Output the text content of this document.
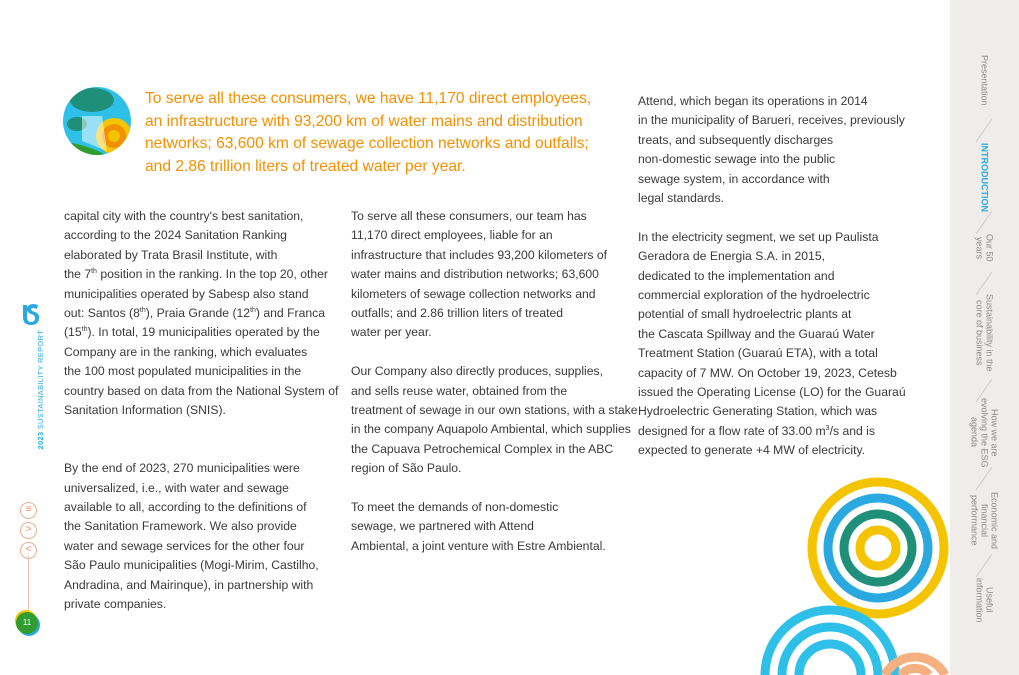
2023 SUSTAINABILITY REPORT
≡
>
<
11
To serve all these consumers, we have 11,170 direct employees,
an infrastructure with 93,200 km of water mains and distribution
networks; 63,600 km of sewage collection networks and outfalls;
and 2.86 trillion liters of treated water per year.
capital city with the country's best sanitation,
according to the 2024 Sanitation Ranking
elaborated by Trata Brasil Institute, with
the 7th position in the ranking. In the top 20, other
municipalities operated by Sabesp also stand
out: Santos (8th), Praia Grande (12th) and Franca
(15th). In total, 19 municipalities operated by the
Company are in the ranking, which evaluates
the 100 most populated municipalities in the
country based on data from the National System of
Sanitation Information (SNIS).
By the end of 2023, 270 municipalities were
universalized, i.e., with water and sewage
available to all, according to the definitions of
the Sanitation Framework. We also provide
water and sewage services for the other four
São Paulo municipalities (Mogi-Mirim, Castilho,
Andradina, and Mairinque), in partnership with
private companies.
To serve all these consumers, our team has
11,170 direct employees, liable for an
infrastructure that includes 93,200 kilometers of
water mains and distribution networks; 63,600
kilometers of sewage collection networks and
outfalls; and 2.86 trillion liters of treated
water per year.
Our Company also directly produces, supplies,
and sells reuse water, obtained from the
treatment of sewage in our own stations, with a stake
in the company Aquapolo Ambiental, which supplies
the Capuava Petrochemical Complex in the ABC
region of São Paulo.
To meet the demands of non-domestic
sewage, we partnered with Attend
Ambiental, a joint venture with Estre Ambiental.
Attend, which began its operations in 2014
in the municipality of Barueri, receives, previously
treats, and subsequently discharges
non-domestic sewage into the public
sewage system, in accordance with
legal standards.
In the electricity segment, we set up Paulista
Geradora de Energia S.A. in 2015,
dedicated to the implementation and
commercial exploration of the hydroelectric
potential of small hydroelectric plants at
the Cascata Spillway and the Guaraú Water
Treatment Station (Guaraú ETA), with a total
capacity of 7 MW. On October 19, 2023, Cetesb
issued the Operating License (LO) for the Guaraú
Hydroelectric Generating Station, which was
designed for a flow rate of 33.00 $m^3/s$ and is
expected to generate +4 MW of electricity.
Presentation
INTRODUCTION
Our 50 years
Sustainability in the core of business
How we are evolving the ESG agenda
Economic and financial performance
Useful information
